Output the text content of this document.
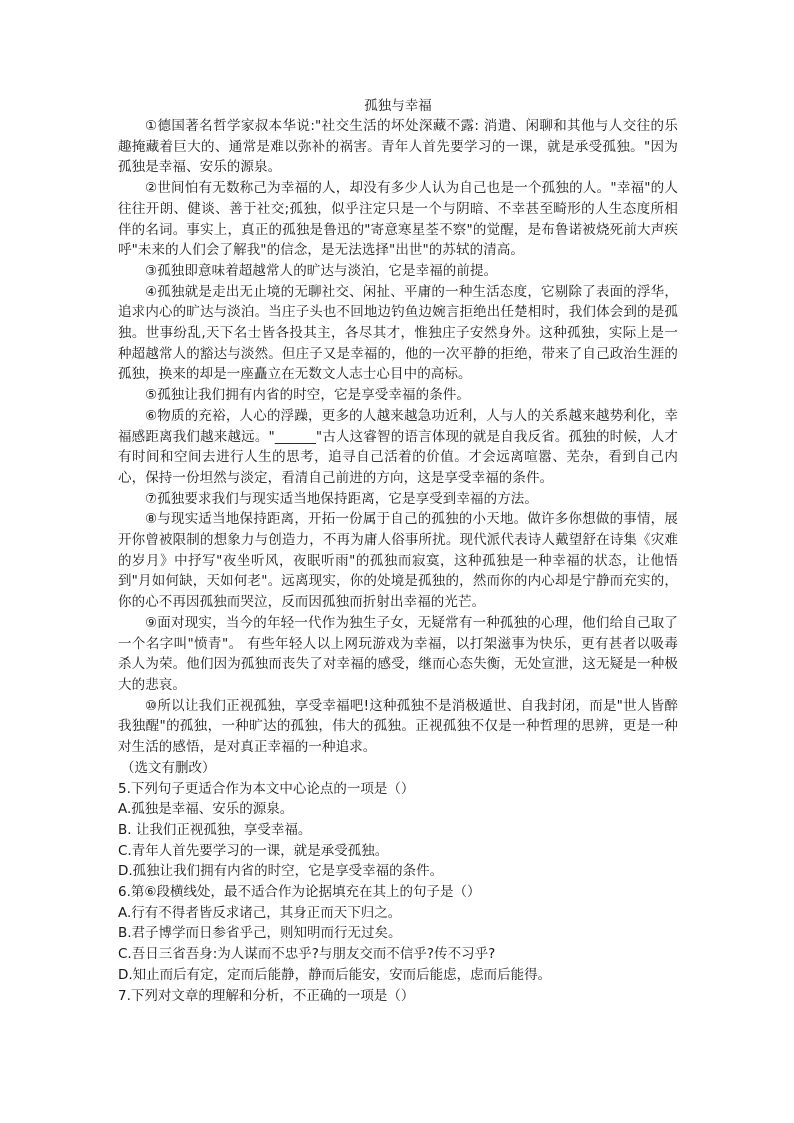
孤独与幸福

①德国著名哲学家叔本华说:"社交生活的坏处深藏不露: 消遣、闲聊和其他与人交往的乐趣掩藏着巨大的、通常是难以弥补的祸害。青年人首先要学习的一课，就是承受孤独。"因为孤独是幸福、安乐的源泉。

②世间怕有无数称己为幸福的人，却没有多少人认为自己也是一个孤独的人。"幸福"的人往往开朗、健谈、善于社交;孤独，似乎注定只是一个与阴暗、不幸甚至畸形的人生态度所相伴的名词。事实上，真正的孤独是鲁迅的"寄意寒星荃不察"的觉醒，是布鲁诺被烧死前大声疾呼"未来的人们会了解我"的信念，是无法选择"出世"的苏轼的清高。

③孤独即意味着超越常人的旷达与淡泊，它是幸福的前提。

④孤独就是走出无止境的无聊社交、闲扯、平庸的一种生活态度，它剔除了表面的浮华，追求内心的旷达与淡泊。当庄子头也不回地边钓鱼边婉言拒绝出任楚相时，我们体会到的是孤独。世事纷乱,天下名士皆各投其主，各尽其才，惟独庄子安然身外。这种孤独，实际上是一种超越常人的豁达与淡然。但庄子又是幸福的，他的一次平静的拒绝，带来了自己政治生涯的孤独，换来的却是一座矗立在无数文人志士心目中的高标。

⑤孤独让我们拥有内省的时空，它是享受幸福的条件。

⑥物质的充裕，人心的浮躁，更多的人越来越急功近利，人与人的关系越来越势利化，幸福感距离我们越来越远。"______"古人这睿智的语言体现的就是自我反省。孤独的时候，人才有时间和空间去进行人生的思考，追寻自己活着的价值。才会远离喧嚣、芜杂，看到自己内心，保持一份坦然与淡定，看清自己前进的方向，这是享受幸福的条件。

⑦孤独要求我们与现实适当地保持距离，它是享受到幸福的方法。

⑧与现实适当地保持距离，开拓一份属于自己的孤独的小天地。做许多你想做的事情，展开你曾被限制的想象力与创造力，不再为庸人俗事所扰。现代派代表诗人戴望舒在诗集《灾难的岁月》中抒写"夜坐听风，夜眠听雨"的孤独而寂寞，这种孤独是一种幸福的状态，让他悟到"月如何缺，天如何老"。远离现实，你的处境是孤独的，然而你的内心却是宁静而充实的，你的心不再因孤独而哭泣，反而因孤独而折射出幸福的光芒。

⑨面对现实，当今的年轻一代作为独生子女，无疑常有一种孤独的心理，他们给自己取了一个名字叫"愤青"。 有些年轻人以上网玩游戏为幸福，以打架滋事为快乐，更有甚者以吸毒杀人为荣。他们因为孤独而丧失了对幸福的感受，继而心态失衡，无处宣泄，这无疑是一种极大的悲哀。

⑩所以让我们正视孤独，享受幸福吧!这种孤独不是消极遁世、自我封闭，而是"世人皆醉我独醒"的孤独，一种旷达的孤独，伟大的孤独。正视孤独不仅是一种哲理的思辨，更是一种对生活的感悟，是对真正幸福的一种追求。

（选文有删改）

5.下列句子更适合作为本文中心论点的一项是（）

A.孤独是幸福、安乐的源泉。

B. 让我们正视孤独，享受幸福。

C.青年人首先要学习的一课，就是承受孤独。

D.孤独让我们拥有内省的时空，它是享受幸福的条件。

6.第⑥段横线处，最不适合作为论据填充在其上的句子是（）

A.行有不得者皆反求诸己，其身正而天下归之。

B.君子博学而日参省乎己，则知明而行无过矣。

C.吾日三省吾身:为人谋而不忠乎?与朋友交而不信乎?传不习乎?

D.知止而后有定，定而后能静，静而后能安，安而后能虑，虑而后能得。

7.下列对文章的理解和分析，不正确的一项是（）
